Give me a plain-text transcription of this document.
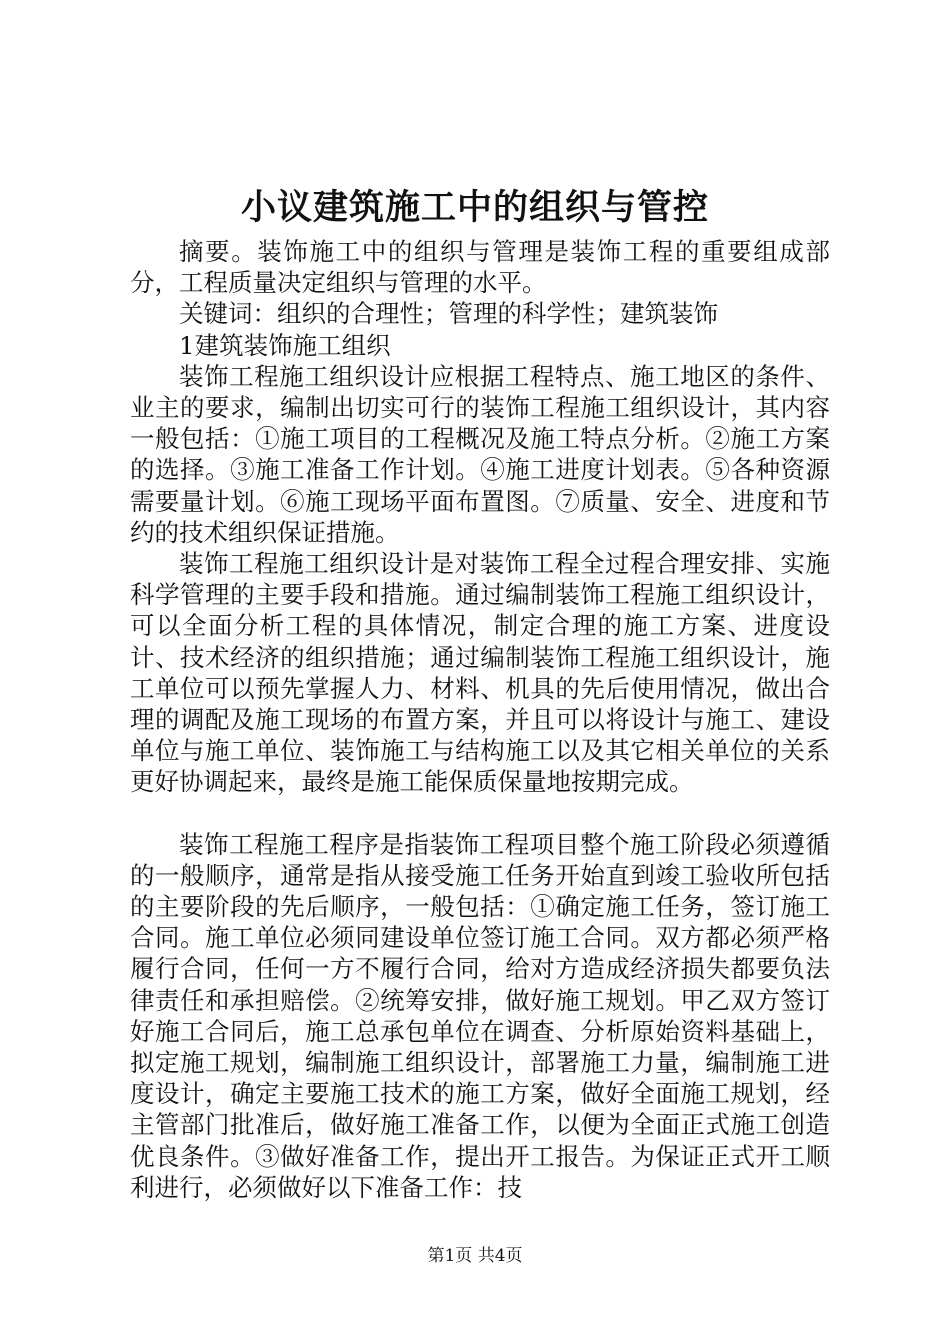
小议建筑施工中的组织与管控

摘要。装饰施工中的组织与管理是装饰工程的重要组成部分，工程质量决定组织与管理的水平。

关键词：组织的合理性；管理的科学性；建筑装饰

1建筑装饰施工组织

装饰工程施工组织设计应根据工程特点、施工地区的条件、业主的要求，编制出切实可行的装饰工程施工组织设计，其内容一般包括：①施工项目的工程概况及施工特点分析。②施工方案的选择。③施工准备工作计划。④施工进度计划表。⑤各种资源需要量计划。⑥施工现场平面布置图。⑦质量、安全、进度和节约的技术组织保证措施。

装饰工程施工组织设计是对装饰工程全过程合理安排、实施科学管理的主要手段和措施。通过编制装饰工程施工组织设计，可以全面分析工程的具体情况，制定合理的施工方案、进度设计、技术经济的组织措施；通过编制装饰工程施工组织设计，施工单位可以预先掌握人力、材料、机具的先后使用情况，做出合理的调配及施工现场的布置方案，并且可以将设计与施工、建设单位与施工单位、装饰施工与结构施工以及其它相关单位的关系更好协调起来，最终是施工能保质保量地按期完成。

装饰工程施工程序是指装饰工程项目整个施工阶段必须遵循的一般顺序，通常是指从接受施工任务开始直到竣工验收所包括的主要阶段的先后顺序，一般包括：①确定施工任务，签订施工合同。施工单位必须同建设单位签订施工合同。双方都必须严格履行合同，任何一方不履行合同，给对方造成经济损失都要负法律责任和承担赔偿。②统筹安排，做好施工规划。甲乙双方签订好施工合同后，施工总承包单位在调查、分析原始资料基础上，拟定施工规划，编制施工组织设计，部署施工力量，编制施工进度设计，确定主要施工技术的施工方案，做好全面施工规划，经主管部门批准后，做好施工准备工作，以便为全面正式施工创造优良条件。③做好准备工作，提出开工报告。为保证正式开工顺利进行，必须做好以下准备工作：技

第1页 共4页
